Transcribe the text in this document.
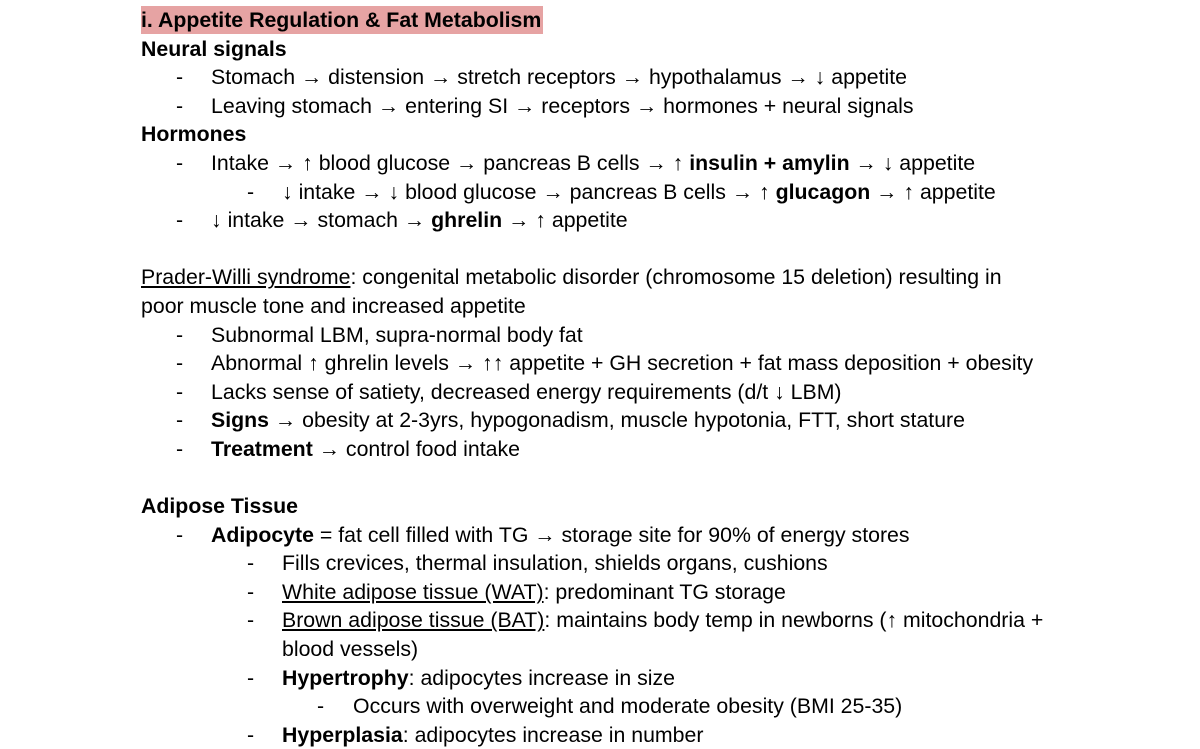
i. Appetite Regulation & Fat Metabolism
Neural signals
- Stomach → distension → stretch receptors → hypothalamus → ↓ appetite
- Leaving stomach → entering SI → receptors → hormones + neural signals
Hormones
- Intake → ↑ blood glucose → pancreas B cells → ↑ insulin + amylin → ↓ appetite
- ↓ intake → ↓ blood glucose → pancreas B cells → ↑ glucagon → ↑ appetite
- ↓ intake → stomach → ghrelin → ↑ appetite
Prader-Willi syndrome: congenital metabolic disorder (chromosome 15 deletion) resulting in
poor muscle tone and increased appetite
- Subnormal LBM, supra-normal body fat
- Abnormal ↑ ghrelin levels → ↑↑ appetite + GH secretion + fat mass deposition + obesity
- Lacks sense of satiety, decreased energy requirements (d/t ↓ LBM)
- Signs → obesity at 2-3yrs, hypogonadism, muscle hypotonia, FTT, short stature
- Treatment → control food intake
Adipose Tissue
- Adipocyte = fat cell filled with TG → storage site for 90% of energy stores
- Fills crevices, thermal insulation, shields organs, cushions
- White adipose tissue (WAT): predominant TG storage
- Brown adipose tissue (BAT): maintains body temp in newborns (↑ mitochondria +
blood vessels)
- Hypertrophy: adipocytes increase in size
- Occurs with overweight and moderate obesity (BMI 25-35)
- Hyperplasia: adipocytes increase in number
